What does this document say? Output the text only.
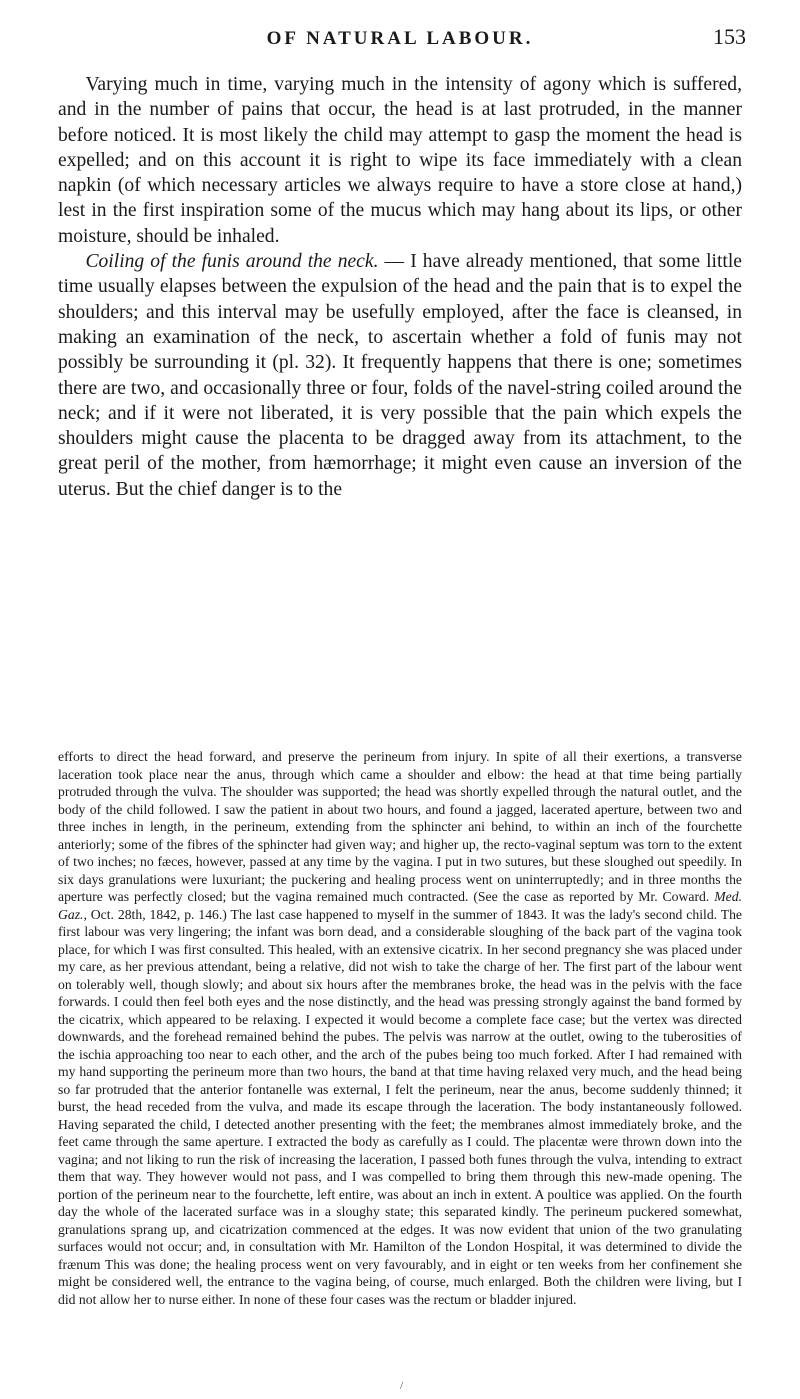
OF NATURAL LABOUR.	153

Varying much in time, varying much in the intensity of agony which is suffered, and in the number of pains that occur, the head is at last protruded, in the manner before noticed. It is most likely the child may attempt to gasp the moment the head is expelled; and on this account it is right to wipe its face immediately with a clean napkin (of which necessary articles we always require to have a store close at hand,) lest in the first inspiration some of the mucus which may hang about its lips, or other moisture, should be inhaled.

Coiling of the funis around the neck. — I have already mentioned, that some little time usually elapses between the expulsion of the head and the pain that is to expel the shoulders; and this interval may be usefully employed, after the face is cleansed, in making an examination of the neck, to ascertain whether a fold of funis may not possibly be surrounding it (pl. 32). It frequently happens that there is one; sometimes there are two, and occasionally three or four, folds of the navel-string coiled around the neck; and if it were not liberated, it is very possible that the pain which expels the shoulders might cause the placenta to be dragged away from its attachment, to the great peril of the mother, from hæmorrhage; it might even cause an inversion of the uterus. But the chief danger is to the

efforts to direct the head forward, and preserve the perineum from injury. In spite of all their exertions, a transverse laceration took place near the anus, through which came a shoulder and elbow: the head at that time being partially protruded through the vulva. The shoulder was supported; the head was shortly expelled through the natural outlet, and the body of the child followed. I saw the patient in about two hours, and found a jagged, lacerated aperture, between two and three inches in length, in the perineum, extending from the sphincter ani behind, to within an inch of the fourchette anteriorly; some of the fibres of the sphincter had given way; and higher up, the recto-vaginal septum was torn to the extent of two inches; no fæces, however, passed at any time by the vagina. I put in two sutures, but these sloughed out speedily. In six days granulations were luxuriant; the puckering and healing process went on uninterruptedly; and in three months the aperture was perfectly closed; but the vagina remained much contracted. (See the case as reported by Mr. Coward. Med. Gaz., Oct. 28th, 1842, p. 146.) The last case happened to myself in the summer of 1843. It was the lady's second child. The first labour was very lingering; the infant was born dead, and a considerable sloughing of the back part of the vagina took place, for which I was first consulted. This healed, with an extensive cicatrix. In her second pregnancy she was placed under my care, as her previous attendant, being a relative, did not wish to take the charge of her. The first part of the labour went on tolerably well, though slowly; and about six hours after the membranes broke, the head was in the pelvis with the face forwards. I could then feel both eyes and the nose distinctly, and the head was pressing strongly against the band formed by the cicatrix, which appeared to be relaxing. I expected it would become a complete face case; but the vertex was directed downwards, and the forehead remained behind the pubes. The pelvis was narrow at the outlet, owing to the tuberosities of the ischia approaching too near to each other, and the arch of the pubes being too much forked. After I had remained with my hand supporting the perineum more than two hours, the band at that time having relaxed very much, and the head being so far protruded that the anterior fontanelle was external, I felt the perineum, near the anus, become suddenly thinned; it burst, the head receded from the vulva, and made its escape through the laceration. The body instantaneously followed. Having separated the child, I detected another presenting with the feet; the membranes almost immediately broke, and the feet came through the same aperture. I extracted the body as carefully as I could. The placentæ were thrown down into the vagina; and not liking to run the risk of increasing the laceration, I passed both funes through the vulva, intending to extract them that way. They however would not pass, and I was compelled to bring them through this new-made opening. The portion of the perineum near to the fourchette, left entire, was about an inch in extent. A poultice was applied. On the fourth day the whole of the lacerated surface was in a sloughy state; this separated kindly. The perineum puckered somewhat, granulations sprang up, and cicatrization commenced at the edges. It was now evident that union of the two granulating surfaces would not occur; and, in consultation with Mr. Hamilton of the London Hospital, it was determined to divide the frænum This was done; the healing process went on very favourably, and in eight or ten weeks from her confinement she might be considered well, the entrance to the vagina being, of course, much enlarged. Both the children were living, but I did not allow her to nurse either. In none of these four cases was the rectum or bladder injured.

/
